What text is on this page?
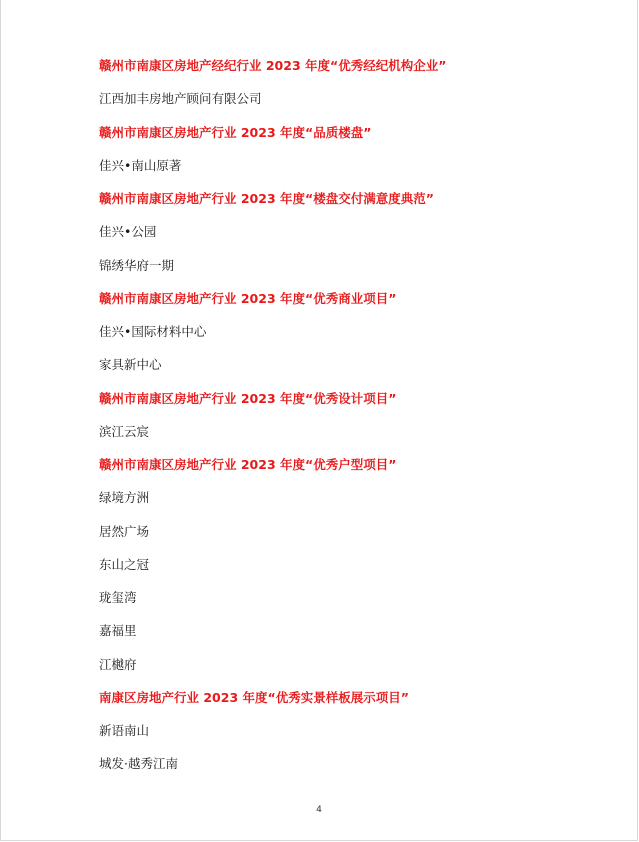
赣州市南康区房地产经纪行业 2023 年度“优秀经纪机构企业”
江西加丰房地产顾问有限公司
赣州市南康区房地产行业 2023 年度“品质楼盘”
佳兴•南山原著
赣州市南康区房地产行业 2023 年度“楼盘交付满意度典范”
佳兴•公园
锦绣华府一期
赣州市南康区房地产行业 2023 年度“优秀商业项目”
佳兴•国际材料中心
家具新中心
赣州市南康区房地产行业 2023 年度“优秀设计项目”
滨江云宸
赣州市南康区房地产行业 2023 年度“优秀户型项目”
绿境方洲
居然广场
东山之冠
珑玺湾
嘉福里
江樾府
南康区房地产行业 2023 年度“优秀实景样板展示项目”
新语南山
城发·越秀江南
4
